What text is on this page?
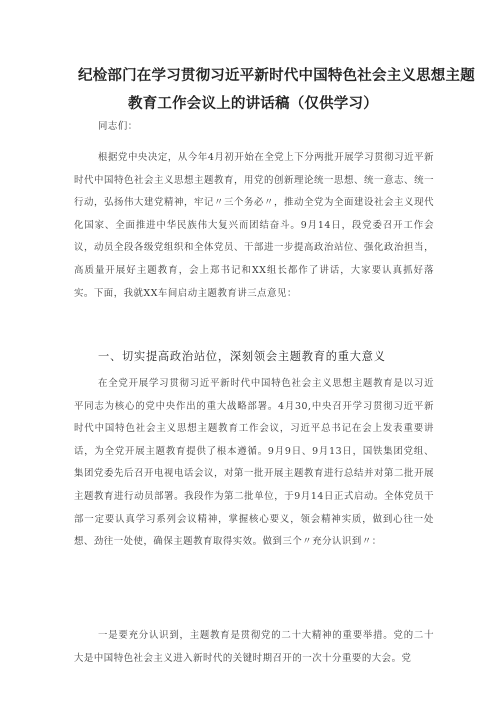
纪检部门在学习贯彻习近平新时代中国特色社会主义思想主题
教育工作会议上的讲话稿（仅供学习）
同志们：
根据党中央决定，从今年4月初开始在全党上下分两批开展学习贯彻习近平新时代中国特色社会主义思想主题教育，用党的创新理论统一思想、统一意志、统一行动，弘扬伟大建党精神，牢记〃三个务必〃，推动全党为全面建设社会主义现代化国家、全面推进中华民族伟大复兴而团结奋斗。9月14日，段党委召开工作会议，动员全段各级党组织和全体党员、干部进一步提高政治站位、强化政治担当，高质量开展好主题教育，会上郑书记和XX组长都作了讲话，大家要认真抓好落实。下面，我就XX车间启动主题教育讲三点意见：
一、切实提高政治站位，深刻领会主题教育的重大意义
在全党开展学习贯彻习近平新时代中国特色社会主义思想主题教育是以习近平同志为核心的党中央作出的重大战略部署。4月30,中央召开学习贯彻习近平新时代中国特色社会主义思想主题教育工作会议，习近平总书记在会上发表重要讲话，为全党开展主题教育提供了根本遵循。9月9日、9月13日，国铁集团党组、集团党委先后召开电视电话会议，对第一批开展主题教育进行总结并对第二批开展主题教育进行动员部署。我段作为第二批单位，于9月14日正式启动。全体党员干部一定要认真学习系列会议精神，掌握核心要义，领会精神实质，做到心往一处想、劲往一处使，确保主题教育取得实效。做到三个〃充分认识到〃：
一是要充分认识到，主题教育是贯彻党的二十大精神的重要举措。党的二十大是中国特色社会主义进入新时代的关键时期召开的一次十分重要的大会。党
